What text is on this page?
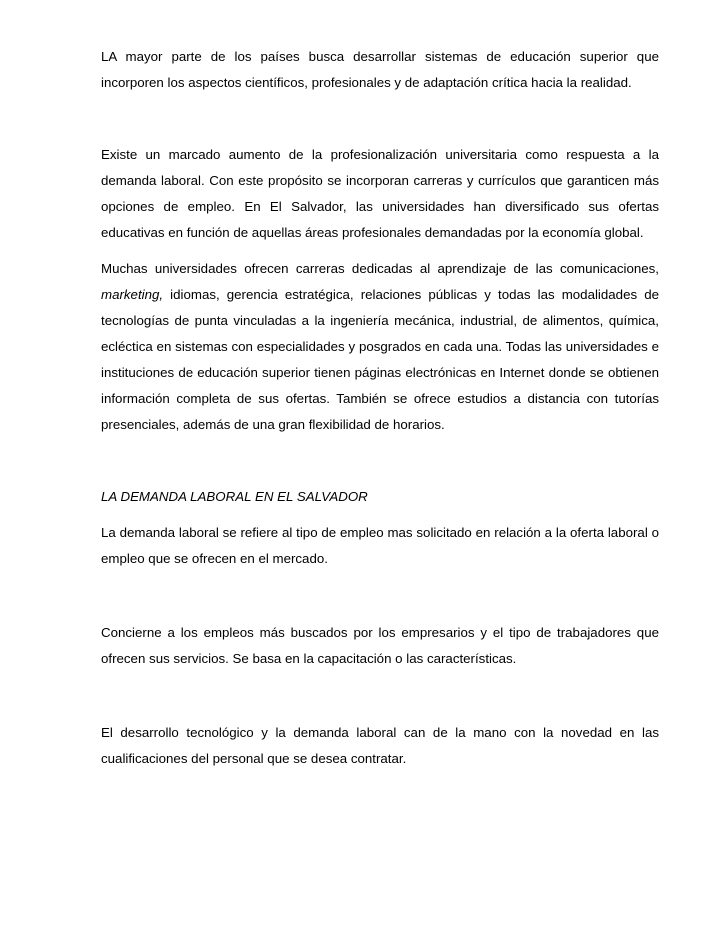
LA mayor parte de los países busca desarrollar sistemas de educación superior que incorporen los aspectos científicos, profesionales y de adaptación crítica hacia la realidad.

Existe un marcado aumento de la profesionalización universitaria como respuesta a la demanda laboral. Con este propósito se incorporan carreras y currículos que garanticen más opciones de empleo. En El Salvador, las universidades han diversificado sus ofertas educativas en función de aquellas áreas profesionales demandadas por la economía global.

Muchas universidades ofrecen carreras dedicadas al aprendizaje de las comunicaciones, marketing, idiomas, gerencia estratégica, relaciones públicas y todas las modalidades de tecnologías de punta vinculadas a la ingeniería mecánica, industrial, de alimentos, química, ecléctica en sistemas con especialidades y posgrados en cada una. Todas las universidades e instituciones de educación superior tienen páginas electrónicas en Internet donde se obtienen información completa de sus ofertas. También se ofrece estudios a distancia con tutorías presenciales, además de una gran flexibilidad de horarios.

LA DEMANDA LABORAL EN EL SALVADOR

La demanda laboral se refiere al tipo de empleo mas solicitado en relación a la oferta laboral o empleo que se ofrecen en el mercado.

Concierne a los empleos más buscados por los empresarios y el tipo de trabajadores que ofrecen sus servicios. Se basa en la capacitación o las características.

El desarrollo tecnológico y la demanda laboral can de la mano con la novedad en las cualificaciones del personal que se desea contratar.
